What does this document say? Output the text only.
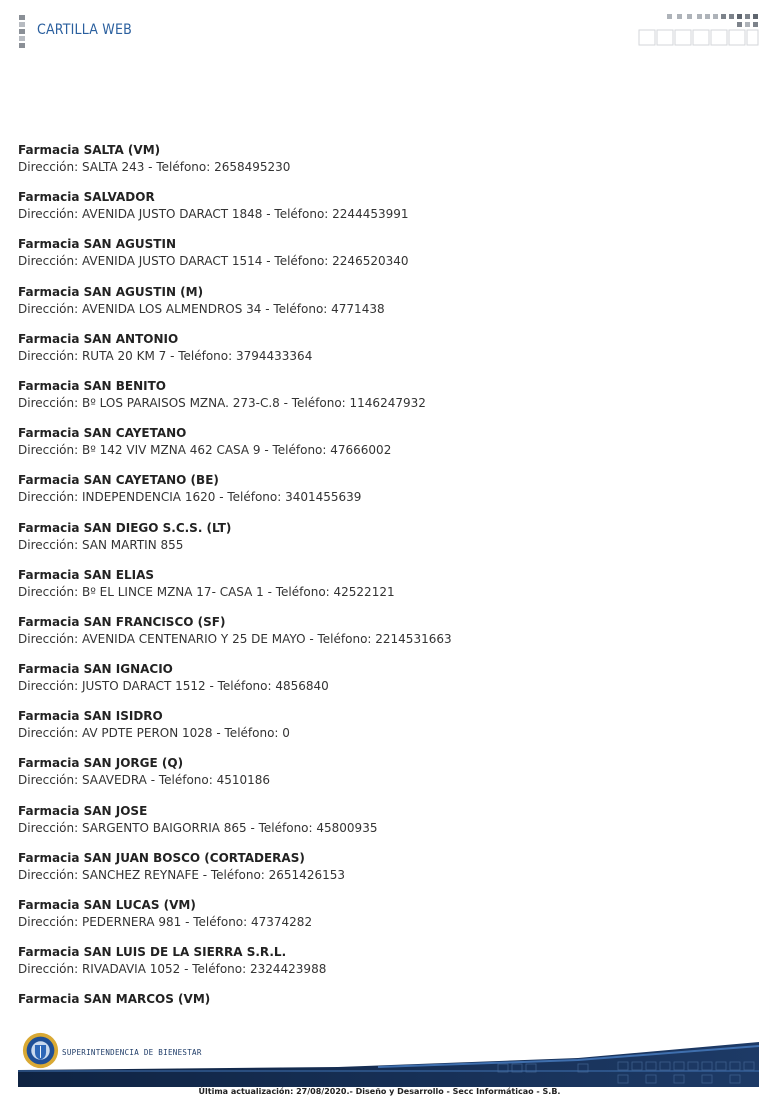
CARTILLA WEB
Farmacia SALTA (VM)
Dirección: SALTA 243 - Teléfono: 2658495230
Farmacia SALVADOR
Dirección: AVENIDA JUSTO DARACT 1848 - Teléfono: 2244453991
Farmacia SAN AGUSTIN
Dirección: AVENIDA JUSTO DARACT 1514 - Teléfono: 2246520340
Farmacia SAN AGUSTIN (M)
Dirección: AVENIDA LOS ALMENDROS 34 - Teléfono: 4771438
Farmacia SAN ANTONIO
Dirección: RUTA 20 KM 7 - Teléfono: 3794433364
Farmacia SAN BENITO
Dirección: Bº LOS PARAISOS MZNA. 273-C.8 - Teléfono: 1146247932
Farmacia SAN CAYETANO
Dirección: Bº 142 VIV MZNA 462 CASA 9 - Teléfono: 47666002
Farmacia SAN CAYETANO (BE)
Dirección: INDEPENDENCIA 1620 - Teléfono: 3401455639
Farmacia SAN DIEGO S.C.S. (LT)
Dirección: SAN MARTIN 855
Farmacia SAN ELIAS
Dirección: Bº EL LINCE MZNA 17- CASA 1 - Teléfono: 42522121
Farmacia SAN FRANCISCO (SF)
Dirección: AVENIDA CENTENARIO Y 25 DE MAYO - Teléfono: 2214531663
Farmacia SAN IGNACIO
Dirección: JUSTO DARACT 1512 - Teléfono: 4856840
Farmacia SAN ISIDRO
Dirección: AV PDTE PERON 1028 - Teléfono: 0
Farmacia SAN JORGE (Q)
Dirección: SAAVEDRA - Teléfono: 4510186
Farmacia SAN JOSE
Dirección: SARGENTO BAIGORRIA 865 - Teléfono: 45800935
Farmacia SAN JUAN BOSCO (CORTADERAS)
Dirección: SANCHEZ REYNAFE - Teléfono: 2651426153
Farmacia SAN LUCAS (VM)
Dirección: PEDERNERA 981 - Teléfono: 47374282
Farmacia SAN LUIS DE LA SIERRA S.R.L.
Dirección: RIVADAVIA 1052 - Teléfono: 2324423988
Farmacia SAN MARCOS (VM)
SUPERINTENDENCIA DE BIENESTAR
Última actualización: 27/08/2020.- Diseño y Desarrollo - Secc Informáticao - S.B.
